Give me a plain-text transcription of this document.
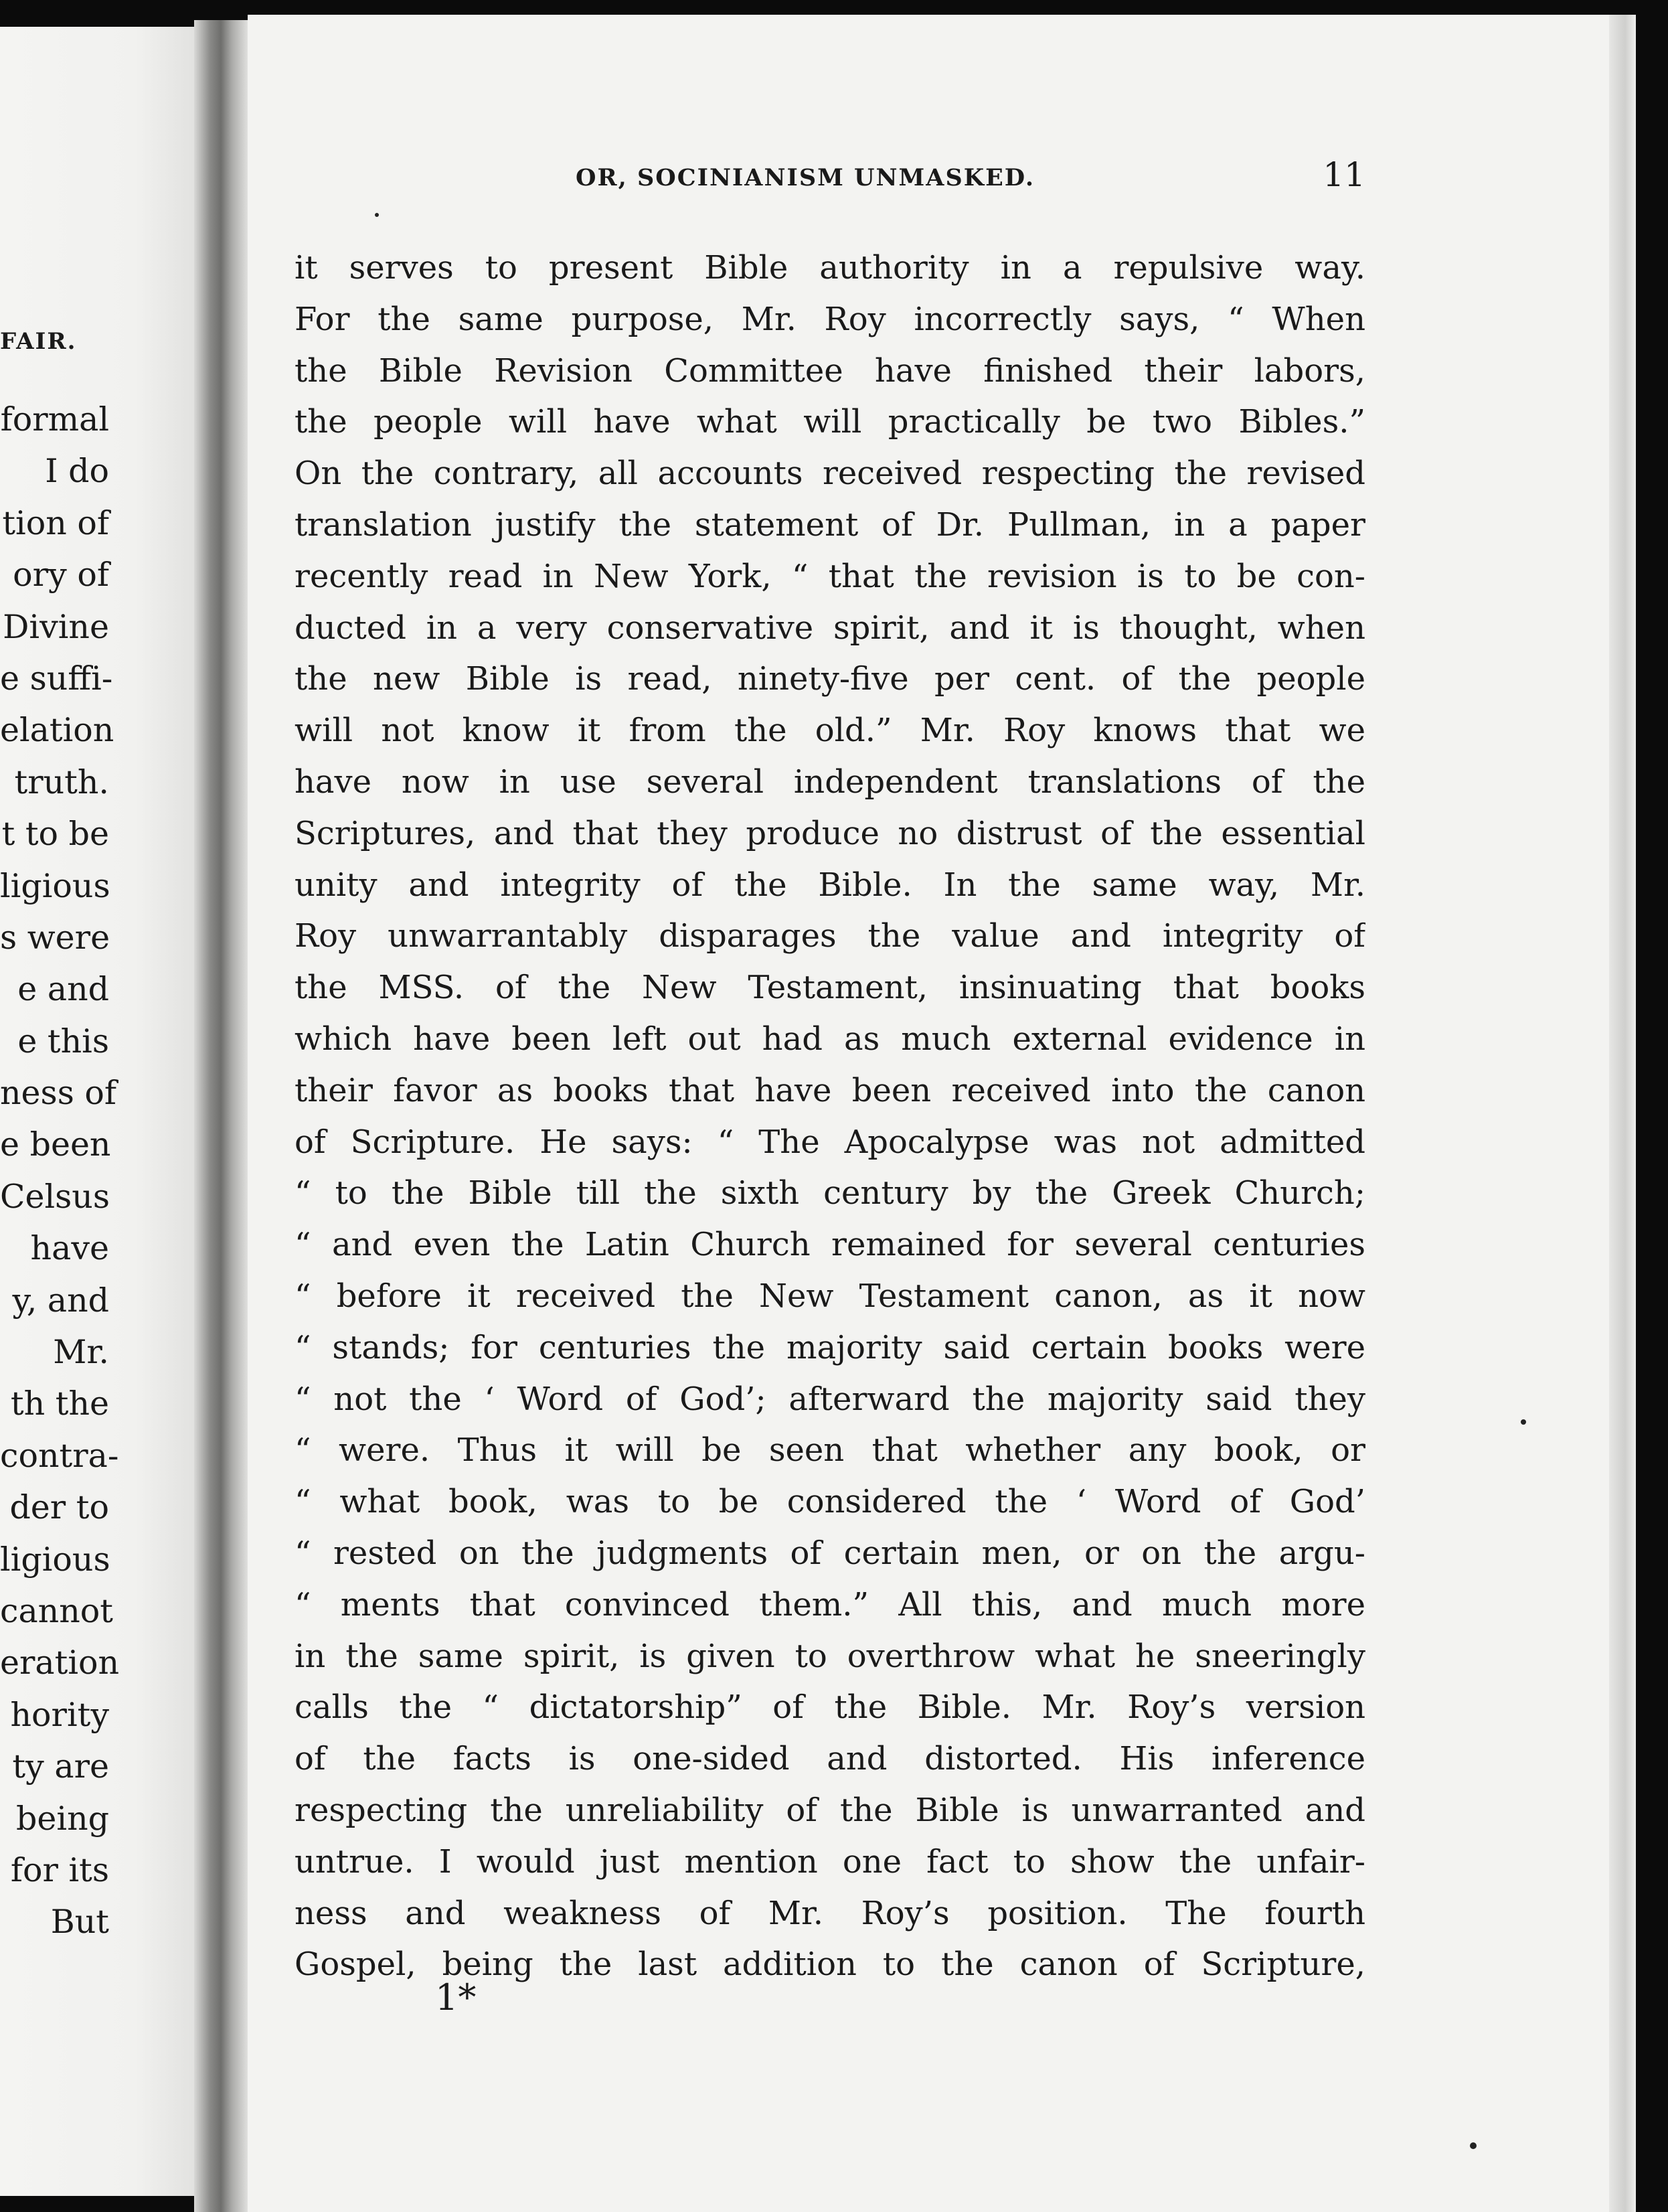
FAIR.
formal
I do
tion of
ory of
Divine
e suffi-
elation
truth.
t to be
ligious
s were
e and
e this
ness of
e been
Celsus
have
y, and
Mr.
th the
contra-
der to
ligious
cannot
eration
hority
ty are
being
for its
But
OR, SOCINIANISM UNMASKED.	11
it serves to present Bible authority in a repulsive way.
For the same purpose, Mr. Roy incorrectly says, “ When
the Bible Revision Committee have finished their labors,
the people will have what will practically be two Bibles.”
On the contrary, all accounts received respecting the revised
translation justify the statement of Dr. Pullman, in a paper
recently read in New York, “ that the revision is to be con-
ducted in a very conservative spirit, and it is thought, when
the new Bible is read, ninety-five per cent. of the people
will not know it from the old.” Mr. Roy knows that we
have now in use several independent translations of the
Scriptures, and that they produce no distrust of the essential
unity and integrity of the Bible. In the same way, Mr.
Roy unwarrantably disparages the value and integrity of
the MSS. of the New Testament, insinuating that books
which have been left out had as much external evidence in
their favor as books that have been received into the canon
of Scripture. He says: “ The Apocalypse was not admitted
“ to the Bible till the sixth century by the Greek Church;
“ and even the Latin Church remained for several centuries
“ before it received the New Testament canon, as it now
“ stands; for centuries the majority said certain books were
“ not the ‘ Word of God’; afterward the majority said they
“ were. Thus it will be seen that whether any book, or
“ what book, was to be considered the ‘ Word of God’
“ rested on the judgments of certain men, or on the argu-
“ ments that convinced them.” All this, and much more
in the same spirit, is given to overthrow what he sneeringly
calls the “ dictatorship” of the Bible. Mr. Roy’s version
of the facts is one-sided and distorted. His inference
respecting the unreliability of the Bible is unwarranted and
untrue. I would just mention one fact to show the unfair-
ness and weakness of Mr. Roy’s position. The fourth
Gospel, being the last addition to the canon of Scripture,
1*
